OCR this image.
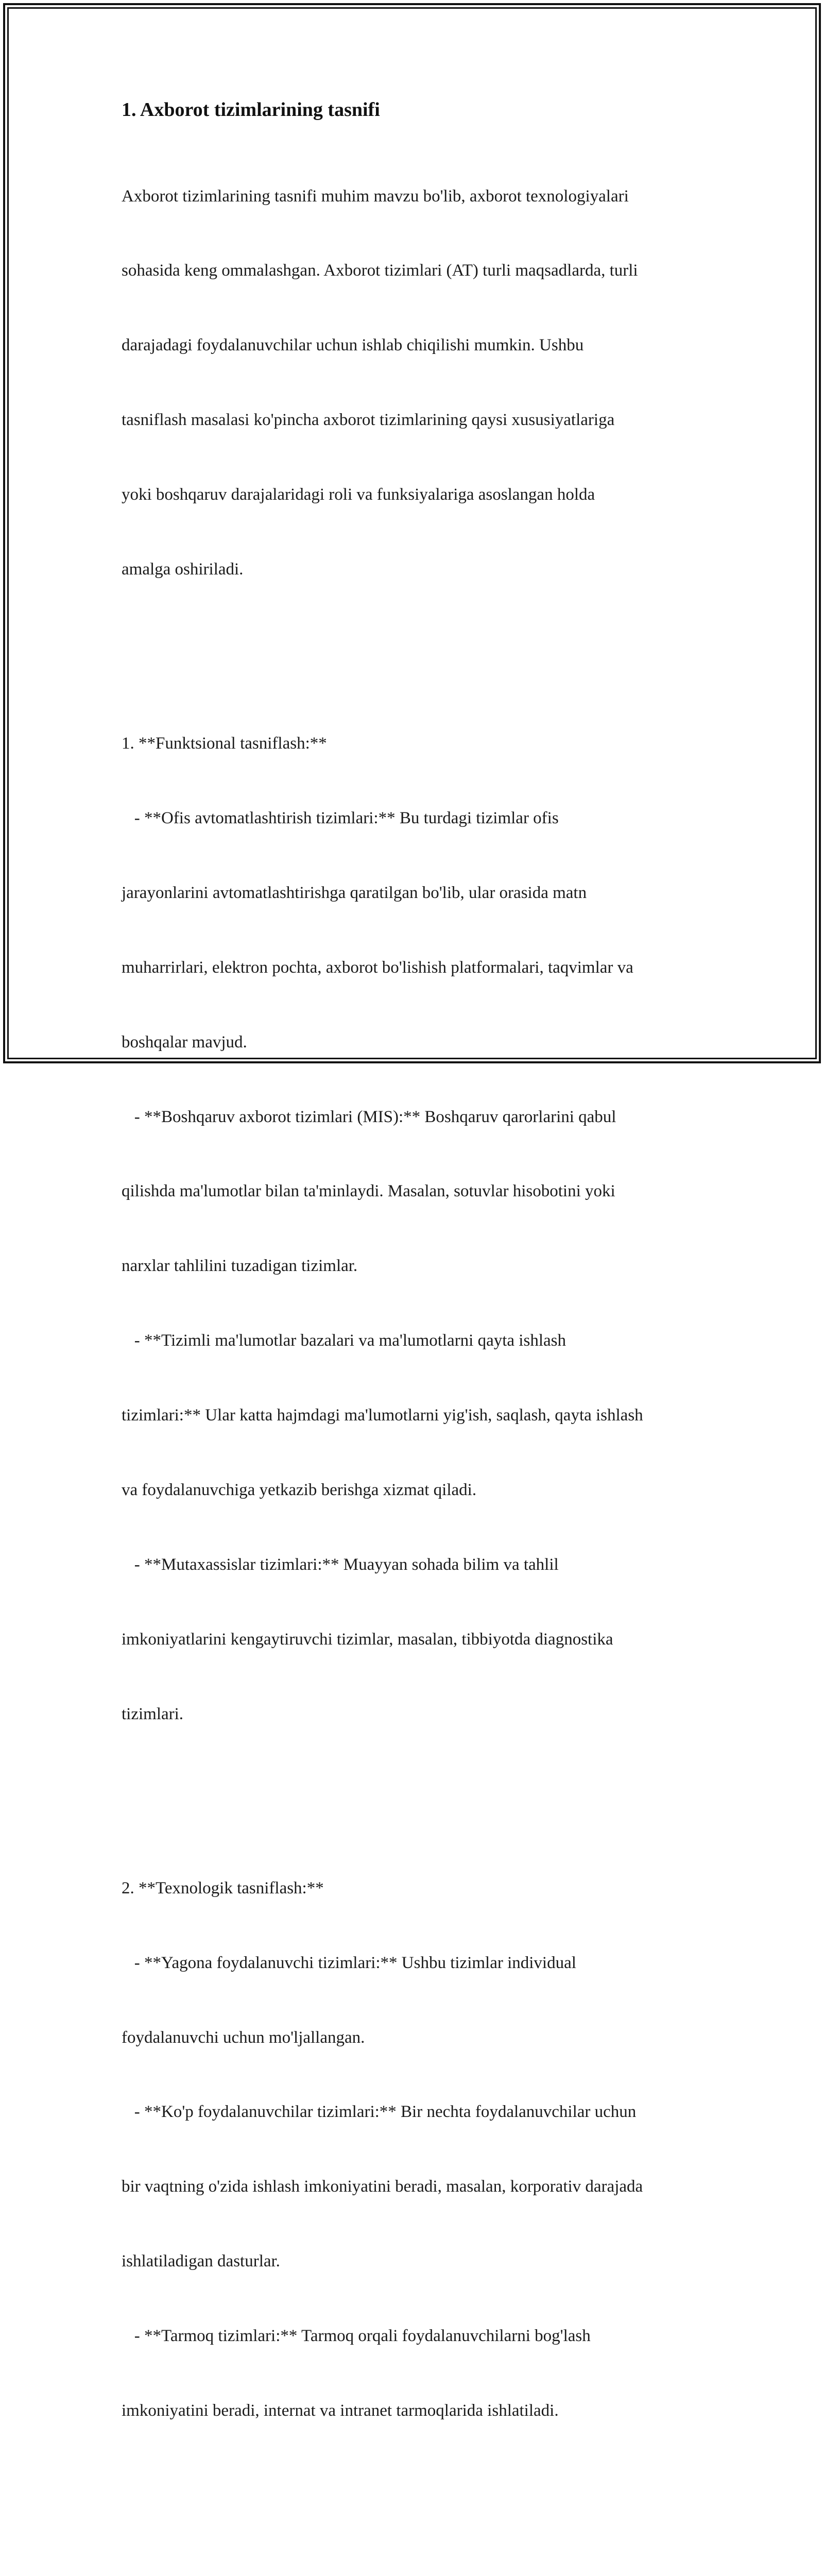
1. Axborot tizimlarining tasnifi

Axborot tizimlarining tasnifi muhim mavzu bo'lib, axborot texnologiyalari

sohasida keng ommalashgan. Axborot tizimlari (AT) turli maqsadlarda, turli

darajadagi foydalanuvchilar uchun ishlab chiqilishi mumkin. Ushbu

tasniflash masalasi ko'pincha axborot tizimlarining qaysi xususiyatlariga

yoki boshqaruv darajalaridagi roli va funksiyalariga asoslangan holda

amalga oshiriladi.

1. **Funktsional tasniflash:**

- **Ofis avtomatlashtirish tizimlari:** Bu turdagi tizimlar ofis

jarayonlarini avtomatlashtirishga qaratilgan bo'lib, ular orasida matn

muharrirlari, elektron pochta, axborot bo'lishish platformalari, taqvimlar va

boshqalar mavjud.

- **Boshqaruv axborot tizimlari (MIS):** Boshqaruv qarorlarini qabul

qilishda ma'lumotlar bilan ta'minlaydi. Masalan, sotuvlar hisobotini yoki

narxlar tahlilini tuzadigan tizimlar.

- **Tizimli ma'lumotlar bazalari va ma'lumotlarni qayta ishlash

tizimlari:** Ular katta hajmdagi ma'lumotlarni yig'ish, saqlash, qayta ishlash

va foydalanuvchiga yetkazib berishga xizmat qiladi.

- **Mutaxassislar tizimlari:** Muayyan sohada bilim va tahlil

imkoniyatlarini kengaytiruvchi tizimlar, masalan, tibbiyotda diagnostika

tizimlari.

2. **Texnologik tasniflash:**

- **Yagona foydalanuvchi tizimlari:** Ushbu tizimlar individual

foydalanuvchi uchun mo'ljallangan.

- **Ko'p foydalanuvchilar tizimlari:** Bir nechta foydalanuvchilar uchun

bir vaqtning o'zida ishlash imkoniyatini beradi, masalan, korporativ darajada

ishlatiladigan dasturlar.

- **Tarmoq tizimlari:** Tarmoq orqali foydalanuvchilarni bog'lash

imkoniyatini beradi, internat va intranet tarmoqlarida ishlatiladi.
